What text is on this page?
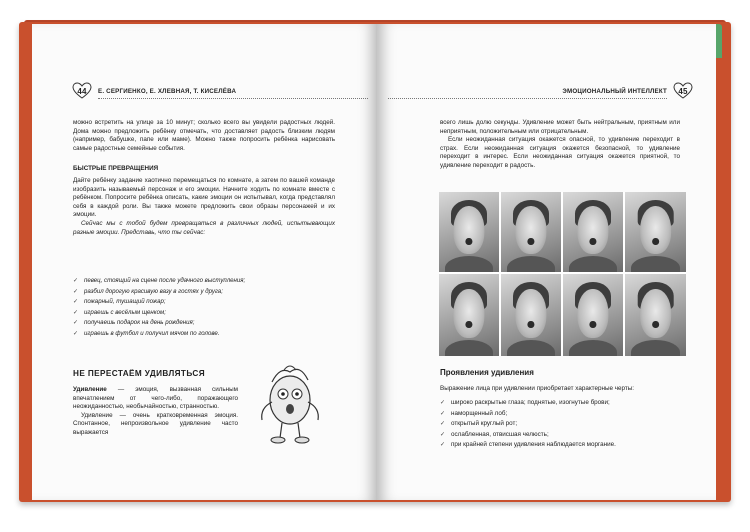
44 Е. СЕРГИЕНКО, Е. ХЛЕВНАЯ, Т. КИСЕЛЁВА

можно встретить на улице за 10 минут; сколько всего вы увидели радостных людей. Дома можно предложить ребёнку отмечать, что доставляет радость близким людям (например, бабушке, папе или маме). Можно также попросить ребёнка нарисовать самые радостные семейные события.

БЫСТРЫЕ ПРЕВРАЩЕНИЯ

Дайте ребёнку задание хаотично перемещаться по комнате, а затем по вашей команде изобразить называемый персонаж и его эмоции. Начните ходить по комнате вместе с ребёнком. Попросите ребёнка описать, какие эмоции он испытывал, когда представлял себя в каждой роли. Вы также можете предложить свои образы персонажей и их эмоции.

Сейчас мы с тобой будем превращаться в различных людей, испытывающих разные эмоции. Представь, что ты сейчас:

✓ певец, стоящий на сцене после удачного выступления;
✓ разбил дорогую красивую вазу в гостях у друга;
✓ пожарный, тушащий пожар;
✓ играешь с весёлым щенком;
✓ получаешь подарок на день рождения;
✓ играешь в футбол и получил мячом по голове.
НЕ ПЕРЕСТАЁМ УДИВЛЯТЬСЯ

Удивление — эмоция, вызванная сильным впечатлением от чего-либо, поражающего неожиданностью, необычайностью, странностью.

Удивление — очень кратковременная эмоция. Спонтанное, непроизвольное удивление часто выражается

ЭМОЦИОНАЛЬНЫЙ ИНТЕЛЛЕКТ 45

всего лишь долю секунды. Удивление может быть нейтральным, приятным или неприятным, положительным или отрицательным.

Если неожиданная ситуация окажется опасной, то удивление переходит в страх. Если неожиданная ситуация окажется безопасной, то удивление переходит в интерес. Если неожиданная ситуация окажется приятной, то удивление переходит в радость.

Проявления удивления
Выражение лица при удивлении приобретает характерные черты:
✓ широко раскрытые глаза; поднятые, изогнутые брови;
✓ наморщенный лоб;
✓ открытый круглый рот;
✓ ослабленная, отвисшая челюсть;
✓ при крайней степени удивления наблюдается моргание.
